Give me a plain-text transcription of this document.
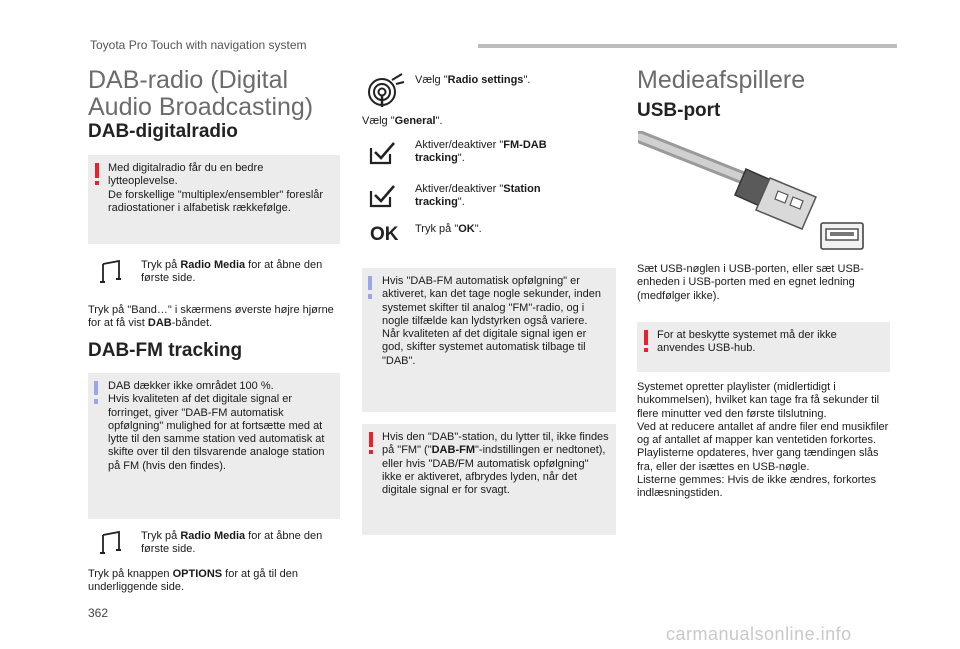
Toyota Pro Touch with navigation system
DAB-radio (Digital Audio Broadcasting)
DAB-digitalradio

Med digitalradio får du en bedre lytteoplevelse.
De forskellige "multiplex/ensembler" foreslår radiostationer i alfabetisk rækkefølge.

Tryk på Radio Media for at åbne den første side.

Tryk på "Band…" i skærmens øverste højre hjørne for at få vist DAB-båndet.

DAB-FM tracking

DAB dækker ikke området 100 %.
Hvis kvaliteten af det digitale signal er forringet, giver "DAB-FM automatisk opfølgning" mulighed for at fortsætte med at lytte til den samme station ved automatisk at skifte over til den tilsvarende analoge station på FM (hvis den findes).

Tryk på Radio Media for at åbne den første side.

Tryk på knappen OPTIONS for at gå til den underliggende side.

Vælg "Radio settings".

Vælg "General".

Aktiver/deaktiver "FM-DAB tracking".

Aktiver/deaktiver "Station tracking".

OK Tryk på "OK".

Hvis "DAB-FM automatisk opfølgning" er aktiveret, kan det tage nogle sekunder, inden systemet skifter til analog "FM"-radio, og i nogle tilfælde kan lydstyrken også variere.
Når kvaliteten af det digitale signal igen er god, skifter systemet automatisk tilbage til "DAB".

Hvis den "DAB"-station, du lytter til, ikke findes på "FM" ("DAB-FM"-indstillingen er nedtonet), eller hvis "DAB/FM automatisk opfølgning" ikke er aktiveret, afbrydes lyden, når det digitale signal er for svagt.

Medieafspillere
USB-port

Sæt USB-nøglen i USB-porten, eller sæt USB-enheden i USB-porten med en egnet ledning (medfølger ikke).

For at beskytte systemet må der ikke anvendes USB-hub.

Systemet opretter playlister (midlertidigt i hukommelsen), hvilket kan tage fra få sekunder til flere minutter ved den første tilslutning.
Ved at reducere antallet af andre filer end musikfiler og af antallet af mapper kan ventetiden forkortes.
Playlisterne opdateres, hver gang tændingen slås fra, eller der isættes en USB-nøgle.
Listerne gemmes: Hvis de ikke ændres, forkortes indlæsningstiden.

362
carmanualsonline.info
